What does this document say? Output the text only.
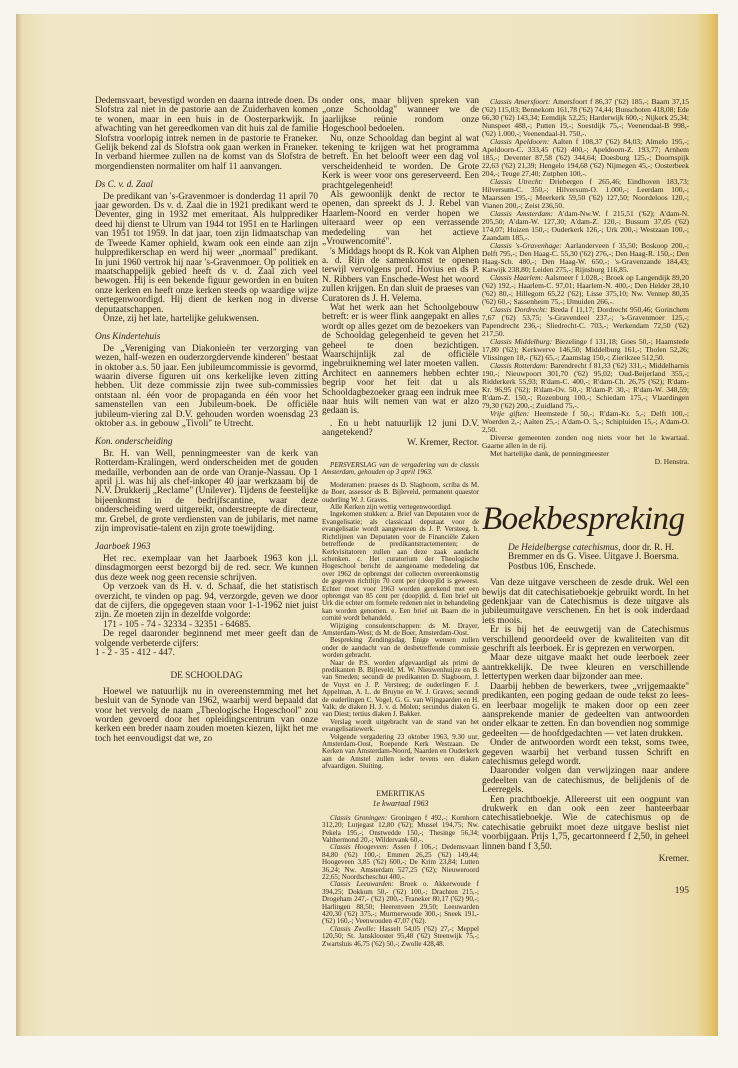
Dedemsvaart, bevestigd worden en daarna intrede doen. Ds Slofstra zal niet in de pastorie aan de Zuiderhaven komen te wonen, maar in een huis in de Oosterparkwijk. In afwachting van het gereedkomen van dit huis zal de familie Slofstra voorlopig intrek nemen in de pastorie te Franeker. Gelijk bekend zal ds Slofstra ook gaan werken in Franeker. In verband hiermee zullen na de komst van ds Slofstra de morgendiensten normaliter om half 11 aanvangen.

Ds C. v. d. Zaal

De predikant van 's-Gravenmoer is donderdag 11 april 70 jaar geworden. Ds v. d. Zaal die in 1921 predikant werd te Deventer, ging in 1932 met emeritaat. Als hulpprediker deed hij dienst te Ulrum van 1944 tot 1951 en te Harlingen van 1951 tot 1959. In dat jaar, toen zijn lidmaatschap van de Tweede Kamer ophield, kwam ook een einde aan zijn hulppredikerschap en werd hij weer „normaal" predikant. In juni 1960 vertrok hij naar 's-Gravenmoer. Op politiek en maatschappelijk gebied heeft ds v. d. Zaal zich veel bewogen. Hij is een bekende figuur geworden in en buiten onze kerken en heeft onze kerken steeds op waardige wijze vertegenwoordigd. Hij dient de kerken nog in diverse deputaatschappen.

Onze, zij het late, hartelijke gelukwensen.

Ons Kindertehuis

De „Vereniging van Diakonieën ter verzorging van wezen, half-wezen en ouderzorgdervende kinderen" bestaat in oktober a.s. 50 jaar. Een jubileumcommissie is gevormd, waarin diverse figuren uit ons kerkelijke leven zitting hebben. Uit deze commissie zijn twee sub-commissies ontstaan nl. één voor de propaganda en één voor het samenstellen van een Jubileum-boek. De officiële jubileum-viering zal D.V. gehouden worden woensdag 23 oktober a.s. in gebouw „Tivoli" te Utrecht.

Kon. onderscheiding

Br. H. van Well, penningmeester van de kerk van Rotterdam-Kralingen, werd onderscheiden met de gouden medaille, verbonden aan de orde van Oranje-Nassau. Op 1 april j.l. was hij als chef-inkoper 40 jaar werkzaam bij de N.V. Drukkerij „Reclame" (Unilever). Tijdens de feestelijke bijeenkomst in de bedrijfscantine, waar deze onderscheiding werd uitgereikt, onderstreepte de directeur, mr. Grebel, de grote verdiensten van de jubilaris, met name zijn improvisatie-talent en zijn grote toewijding.

Jaarboek 1963

Het rec. exemplaar van het Jaarboek 1963 kon j.l. dinsdagmorgen eerst bezorgd bij de red. secr. We kunnen dus deze week nog geen recensie schrijven.

Op verzoek van ds H. v. d. Schaaf, die het statistisch overzicht, te vinden op pag. 94, verzorgde, geven we door dat de cijfers, die opgegeven staan voor 1-1-1962 niet juist zijn. Ze moeten zijn in dezelfde volgorde:

171 - 105 - 74 - 32334 - 32351 - 64685.

De regel daaronder beginnend met meer geeft dan de volgende verbeterde cijfers:

1 - 2 - 35 - 412 - 447.

DE SCHOOLDAG

Hoewel we natuurlijk nu in overeenstemming met het besluit van de Synode van 1962, waarbij werd bepaald dat voor het vervolg de naam „Theologische Hogeschool" zou worden gevoerd door het opleidingscentrum van onze kerken een breder naam zouden moeten kiezen, lijkt het me toch het eenvoudigst dat we, zo

onder ons, maar blijven spreken van „onze Schooldag" wanneer we de jaarlijkse reünie rondom onze Hogeschool bedoelen.

Nu, onze Schooldag dan begint al wat tekening te krijgen wat het programma betreft. En het belooft weer een dag vol verscheidenheid te worden. De Grote Kerk is weer voor ons gereserveerd. Een prachtgelegenheid!

Als gewoonlijk denkt de rector te openen, dan spreekt ds J. J. Rebel van Haarlem-Noord en verder hopen we uiteraard weer op een verrassende mededeling van het actieve „Vrouwencomité".

's Middags hoopt ds R. Kok van Alphen a. d. Rijn de samenkomst te openen terwijl vervolgens prof. Hovius en ds P. N. Ribbers van Enschede-West het woord zullen krijgen. En dan sluit de praeses van Curatoren ds J. H. Velema.

Wat het werk aan het Schoolgebouw betreft: er is weer flink aangepakt en alles wordt op alles gezet om de bezoekers van de Schooldag gelegenheid te geven het geheel te doen bezichtigen. Waarschijnlijk zal de officiële ingebruikneming wel later moeten vallen. Architect en aannemers hebben echter begrip voor het feit dat u als Schooldagbezoeker graag een indruk mee naar huis wilt nemen van wat er alzo gedaan is.

. En u hebt natuurlijk 12 juni D.V. aangetekend?

W. Kremer, Rector.

PERSVERSLAG van de vergadering van de classis Amsterdam, gehouden op 3 april 1963.

Moderamen: praeses ds D. Slagboom, scriba ds M. de Boer, assessor ds B. Bijleveld, permanent quaestor ouderling W. J. Graves.

Alle Kerken zijn wettig vertegenwoordigd.

Ingekomen stukken: a. Brief van Deputaten voor de Evangelisatie; als classicaal deputaat voor de evangelisatie wordt aangewezen ds J. P. Versteeg. b. Richtlijnen van Deputaten voor de Financiële Zaken betreffende de predikantstractementen; de Kerkvisitatoren zullen aan deze zaak aandacht schenken. c. Het curatorium der Theologische Hogeschool bericht de aangename mededeling dat over 1962 de opbrengst der collecten overeenkomstig de gegeven richtlijn 70 cent per (doop)lid is geweest. Echter moet voor 1963 worden gerekend met een opbrengst van 85 cent per (doop)lid. d. Een brief uit Urk die echter om formele redenen niet in behandeling kan worden genomen. e. Een brief uit Baarn die in comité wordt behandeld.

Wijziging consulentschappen: ds M. Drayer, Amsterdam-West; ds M. de Boer, Amsterdam-Oost.

Bespreking Zendingsdag. Enige wensen zullen onder de aandacht van de desbetreffende commissie worden gebracht.

Naar de P.S. worden afgevaardigd als primi de predikanten B. Bijleveld, M. W. Nieuwenhuijze en B. van Smeden; secundi de predikanten D. Slagboom, J. de Vuyst en J. P. Versteeg; de ouderlingen F. J. Appelman, A. L. de Bruyne en W. J. Graves; secundi de ouderlingen C. Vogel, G. G. van Wijngaarden en H. Valk; de diaken H. J. v. d. Molen; secundus diaken G. van Diest; tertius diaken J. Bakker.

Verslag wordt uitgebracht van de stand van het evangelisatiewerk.

Volgende vergadering 23 oktober 1963, 9.30 uur, Amsterdam-Oost, Roepende Kerk Westzaan. De Kerken van Amsterdam-Noord, Naarden en Ouderkerk aan de Amstel zullen ieder tevens een diaken afvaardigen. Sluiting.

EMERITIKAS
1e kwartaal 1963

Classis Groningen: Groningen f 492,-; Kornhorn 312,20; Lutjegast 12,80 ('62); Mussel 194,75; Nw. Pekela 195,-; Onstwedde 150,-; Thesinge 56,34; Valthermond 20,-; Wildervank 60,-.

Classis Hoogeveen: Assen f 106,-; Dedemsvaart 84,80 ('62) 100,-; Emmen 26,25 ('62) 149,44; Hoogeveen 3,85 ('62) 600,-; De Krim 23,84; Lutten 36,24; Nw. Amsterdam 527,25 ('62); Nieuweroord 22,65; Noordscheschut 400,-.

Classis Leeuwarden: Broek o. Akkerwoude f 394,25; Dokkum 50,- ('62) 100,-; Drachten 215,-; Drogeham 247,- ('62) 200,-; Franeker 80,17 ('62) 90,-; Harlingen 88,50; Heerenveen 29,50; Leeuwarden 420,30 ('62) 375,-; Murmerwoude 300,-; Sneek 191,- ('62) 160,-; Veenwouden 47,07 ('62).

Classis Zwolle: Hasselt 54,05 ('62) 27,-; Meppel 120,50; St. Jansklooster 95,48 ('62) Steenwijk 75,-; Zwartsluis 46,75 ('62) 50,-; Zwolle 428,48.

Classis Amersfoort: Amersfoort f 86,37 ('62) 185,-; Baarn 37,15 ('62) 115,03; Bennekom 161,78 ('62) 74,44; Bunschoten 418,08; Ede 66,30 ('62) 143,34; Eemdijk 52,25; Harderwijk 600,-; Nijkerk 25,34; Nunspeet 488,-; Putten 19,-; Soestdijk 75,-; Veenendaal-B 998,- ('62) 1.000,-; Veenendaal-H. 750,-.

Classis Apeldoorn: Aalten f 108,37 ('62) 84,03; Almelo 195,-; Apeldoorn-C. 333,45 ('62) 400,-; Apeldoorn-Z. 193,77; Arnhem 185,-; Deventer 87,58 ('62) 344,64; Doesburg 125,-; Doornspijk 22,63 ('62) 21,39; Hengelo 194,68 ('62) Nijmegen 45,-; Oosterbeek 204,-; Teuge 27,40; Zutphen 100,-.

Classis Utrecht: Driebergen f 265,46; Eindhoven 183,73; Hilversum-C. 350,-; Hilversum-O. 1.000,-; Leerdam 100,-; Maarssen 195,-; Meerkerk 59,50 ('62) 127,50; Noordeloos 120,-; Vianen 200,-; Zeist 236,50.

Classis Amsterdam: A'dam-Nw.W. f 215,51 ('62); A'dam-N. 205,50; A'dam-W. 127,30; A'dam-Z. 120,-; Bussum 37,05 ('62) 174,07; Huizen 150,-; Ouderkerk 126,-; Urk 200,-; Westzaan 100,-; Zaandam 185,-.

Classis 's-Gravenhage: Aarlanderveen f 35,50; Boskoop 200,-; Delft 795,-; Den Haag-C. 55,30 ('62) 276,-; Den Haag-R. 150,-; Den Haag-Sch. 480,-; Den Haag-W. 650,-; 's-Gravenzande 184,43; Katwijk 238,80; Leiden 275,-; Rijnsburg 116,85.

Classis Haarlem: Aalsmeer f 1.028,-; Broek op Langendijk 89,20 ('62) 192,-; Haarlem-C. 97,01; Haarlem-N. 400,-; Den Helder 28,10 ('62) 80,-; Hillegom 65,22 ('62); Lisse 375,10; Nw. Vennep 80,35 ('62) 60,-; Sassenheim 75,-; IJmuiden 266,-.

Classis Dordrecht: Breda f 11,17; Dordrecht 950,46; Gorinchem 7,67 ('62) 53,75; 's-Gravendeel 237,-; 's-Gravenmoer 125,-; Papendrecht 236,-; Sliedrecht-C. 703,-; Werkendam 72,50 ('62) 217,50.

Classis Middelburg: Biezelinge f 131,18; Goes 50,-; Haamstede 17,80 ('62); Kerkwerve 146,50; Middelburg 161,-; Tholen 52,26; Vlissingen 18,- ('62) 65,-; Zaamslag 150,-; Zierikzee 512,50.

Classis Rotterdam: Barendrecht f 81,33 ('62) 331,-; Middelharnis 190,-; Nieuwpoort 301,70 ('62) 95,02; Oud-Beijerland 355,-; Ridderkerk 55,93; R'dam-C. 400,-; R'dam-Ch. 26,75 ('62); R'dam-Kr. 96,95 ('62); R'dam-Ov. 50,-; R'dam-P. 30,-; R'dam-W. 348,59; R'dam-Z. 150,-; Rozenburg 100,-; Schiedam 175,-; Vlaardingen 79,30 ('62) 200,-; Zuidland 75,-.

Vrije giften: Heemstede f 50,-; R'dam-Kr. 5,-; Delft 100,-; Woerden 2,-; Aalten 25,-; A'dam-O. 5,-; Schipluiden 15,-; A'dam-O. 2,50.

Diverse gemeenten zonden nog niets voor het 1e kwartaal. Gaarne allen in de rij.

Met hartelijke dank, de penningmeester

D. Henstra.
Boekbespreking
De Heidelbergse catechismus, door dr. R. H. Bremmer en ds G. Visee. Uitgave J. Boersma. Postbus 106, Enschede.

Van deze uitgave verscheen de zesde druk. Wel een bewijs dat dit catechisatieboekje gebruikt wordt. In het gedenkjaar van de Catechismus is deze uitgave als jubileumuitgave verschenen. En het is ook inderdaad iets moois.

Er is bij het 4e eeuwgetij van de Catechismus verschillend geoordeeld over de kwaliteiten van dit geschrift als leerboek. Er is geprezen en verworpen.

Maar deze uitgave maakt het oude leerboek zeer aantrekkelijk. De twee kleuren en verschillende lettertypen werken daar bijzonder aan mee.

Daarbij hebben de bewerkers, twee „vrijgemaakte" predikanten, een poging gedaan de oude tekst zo lees- en leerbaar mogelijk te maken door op een zeer aansprekende manier de gedeelten van antwoorden onder elkaar te zetten. En dan bovendien nog sommige gedeelten — de hoofdgedachten — vet laten drukken.

Onder de antwoorden wordt een tekst, soms twee, gegeven waarbij het verband tussen Schrift en catechismus gelegd wordt.

Daaronder volgen dan verwijzingen naar andere gedeelten van de catechismus, de belijdenis of de Leerregels.

Een prachtboekje. Allereerst uit een oogpunt van drukwerk en dan ook een zeer hanteerbaar catechisatieboekje. Wie de catechismus op de catechisatie gebruikt moet deze uitgave beslist niet voorbijgaan. Prijs 1,75, gecartonneerd f 2,50, in geheel linnen band f 3,50.

Kremer.
195
